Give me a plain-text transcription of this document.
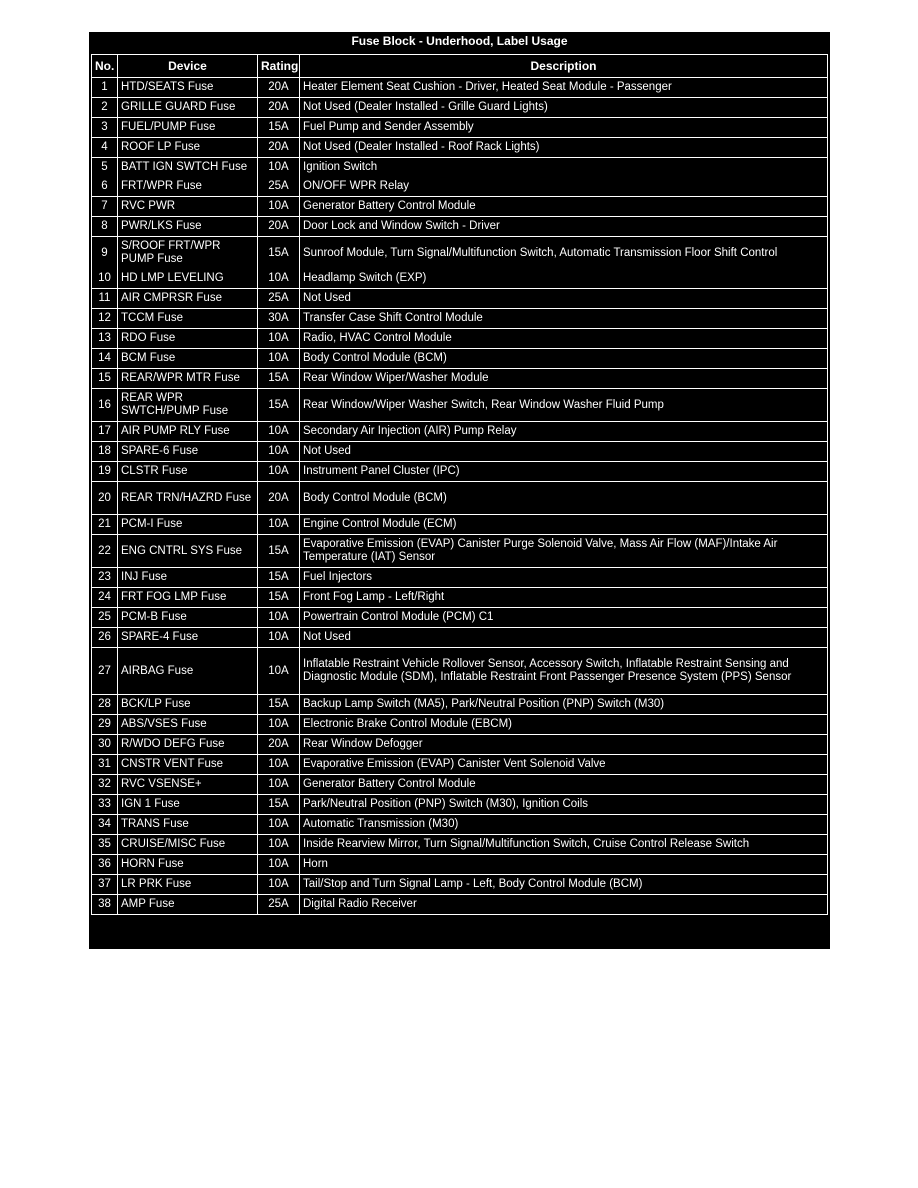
Fuse Block - Underhood, Label Usage
No.	Device	Rating	Description
1	HTD/SEATS Fuse	20A	Heater Element Seat Cushion - Driver, Heated Seat Module - Passenger
2	GRILLE GUARD Fuse	20A	Not Used (Dealer Installed - Grille Guard Lights)
3	FUEL/PUMP Fuse	15A	Fuel Pump and Sender Assembly
4	ROOF LP Fuse	20A	Not Used (Dealer Installed - Roof Rack Lights)
5	BATT IGN SWTCH Fuse	10A	Ignition Switch
6	FRT/WPR Fuse	25A	ON/OFF WPR Relay
7	RVC PWR	10A	Generator Battery Control Module
8	PWR/LKS Fuse	20A	Door Lock and Window Switch - Driver
9	S/ROOF FRT/WPR PUMP Fuse	15A	Sunroof Module, Turn Signal/Multifunction Switch, Automatic Transmission Floor Shift Control
10	HD LMP LEVELING	10A	Headlamp Switch (EXP)
11	AIR CMPRSR Fuse	25A	Not Used
12	TCCM Fuse	30A	Transfer Case Shift Control Module
13	RDO Fuse	10A	Radio, HVAC Control Module
14	BCM Fuse	10A	Body Control Module (BCM)
15	REAR/WPR MTR Fuse	15A	Rear Window Wiper/Washer Module
16	REAR WPR SWTCH/PUMP Fuse	15A	Rear Window/Wiper Washer Switch, Rear Window Washer Fluid Pump
17	AIR PUMP RLY Fuse	10A	Secondary Air Injection (AIR) Pump Relay
18	SPARE-6 Fuse	10A	Not Used
19	CLSTR Fuse	10A	Instrument Panel Cluster (IPC)
20	REAR TRN/HAZRD Fuse	20A	Body Control Module (BCM)
21	PCM-I Fuse	10A	Engine Control Module (ECM)
22	ENG CNTRL SYS Fuse	15A	Evaporative Emission (EVAP) Canister Purge Solenoid Valve, Mass Air Flow (MAF)/Intake Air Temperature (IAT) Sensor
23	INJ Fuse	15A	Fuel Injectors
24	FRT FOG LMP Fuse	15A	Front Fog Lamp - Left/Right
25	PCM-B Fuse	10A	Powertrain Control Module (PCM) C1
26	SPARE-4 Fuse	10A	Not Used
27	AIRBAG Fuse	10A	Inflatable Restraint Vehicle Rollover Sensor, Accessory Switch, Inflatable Restraint Sensing and Diagnostic Module (SDM), Inflatable Restraint Front Passenger Presence System (PPS) Sensor
28	BCK/LP Fuse	15A	Backup Lamp Switch (MA5), Park/Neutral Position (PNP) Switch (M30)
29	ABS/VSES Fuse	10A	Electronic Brake Control Module (EBCM)
30	R/WDO DEFG Fuse	20A	Rear Window Defogger
31	CNSTR VENT Fuse	10A	Evaporative Emission (EVAP) Canister Vent Solenoid Valve
32	RVC VSENSE+	10A	Generator Battery Control Module
33	IGN 1 Fuse	15A	Park/Neutral Position (PNP) Switch (M30), Ignition Coils
34	TRANS Fuse	10A	Automatic Transmission (M30)
35	CRUISE/MISC Fuse	10A	Inside Rearview Mirror, Turn Signal/Multifunction Switch, Cruise Control Release Switch
36	HORN Fuse	10A	Horn
37	LR PRK Fuse	10A	Tail/Stop and Turn Signal Lamp - Left, Body Control Module (BCM)
38	AMP Fuse	25A	Digital Radio Receiver
